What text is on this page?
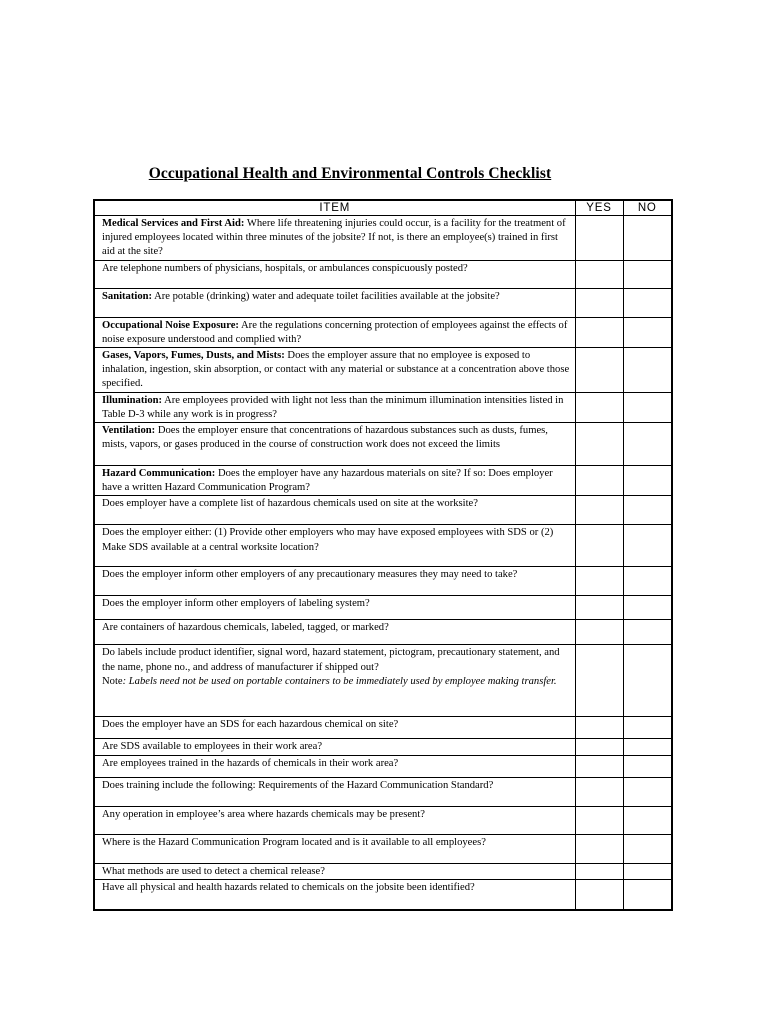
Occupational Health and Environmental Controls Checklist
ITEM	YES	NO
Medical Services and First Aid: Where life threatening injuries could occur, is a facility for the treatment of injured employees located within three minutes of the jobsite? If not, is there an employee(s) trained in first aid at the site?		
Are telephone numbers of physicians, hospitals, or ambulances conspicuously posted?		
Sanitation: Are potable (drinking) water and adequate toilet facilities available at the jobsite?		
Occupational Noise Exposure: Are the regulations concerning protection of employees against the effects of noise exposure understood and complied with?		
Gases, Vapors, Fumes, Dusts, and Mists: Does the employer assure that no employee is exposed to inhalation, ingestion, skin absorption, or contact with any material or substance at a concentration above those specified.		
Illumination: Are employees provided with light not less than the minimum illumination intensities listed in Table D-3 while any work is in progress?		
Ventilation: Does the employer ensure that concentrations of hazardous substances such as dusts, fumes, mists, vapors, or gases produced in the course of construction work does not exceed the limits		
Hazard Communication: Does the employer have any hazardous materials on site? If so: Does employer have a written Hazard Communication Program?		
Does employer have a complete list of hazardous chemicals used on site at the worksite?		
Does the employer either: (1) Provide other employers who may have exposed employees with SDS or (2) Make SDS available at a central worksite location?		
Does the employer inform other employers of any precautionary measures they may need to take?		
Does the employer inform other employers of labeling system?		
Are containers of hazardous chemicals, labeled, tagged, or marked?		
Do labels include product identifier, signal word, hazard statement, pictogram, precautionary statement, and the name, phone no., and address of manufacturer if shipped out?
Note: Labels need not be used on portable containers to be immediately used by employee making transfer.		
Does the employer have an SDS for each hazardous chemical on site?		
Are SDS available to employees in their work area?		
Are employees trained in the hazards of chemicals in their work area?		
Does training include the following: Requirements of the Hazard Communication Standard?		
Any operation in employee’s area where hazards chemicals may be present?		
Where is the Hazard Communication Program located and is it available to all employees?		
What methods are used to detect a chemical release?		
Have all physical and health hazards related to chemicals on the jobsite been identified?		
